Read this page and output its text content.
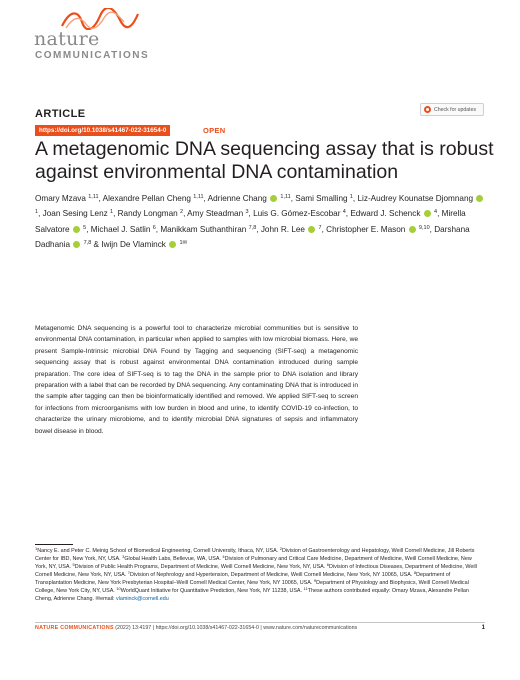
nature
COMMUNICATIONS
ARTICLE	Check for updates
https://doi.org/10.1038/s41467-022-31654-0	OPEN
A metagenomic DNA sequencing assay that is robust against environmental DNA contamination
Omary Mzava $^{1,11}$, Alexandre Pellan Cheng $^{1,11}$, Adrienne Chang $^{1,11}$, Sami Smalling $^1$, Liz-Audrey Kounatse Djomnang  $^1$, Joan Sesing Lenz $^1$, Randy Longman $^2$, Amy Steadman $^3$, Luis G. Gómez-Escobar $^4$, Edward J. Schenck $^4$, Mirella Salvatore $^5$, Michael J. Satlin $^6$, Manikkam Suthanthiran $^{7,8}$, John R. Lee $^7$, Christopher E. Mason $^{9,10}$, Darshana Dadhania $^{7,8}$ & Iwijn De Vlaminck $^{1✉}$

Metagenomic DNA sequencing is a powerful tool to characterize microbial communities but is sensitive to environmental DNA contamination, in particular when applied to samples with low microbial biomass. Here, we present Sample-Intrinsic microbial DNA Found by Tagging and sequencing (SIFT-seq) a metagenomic sequencing assay that is robust against environmental DNA contamination introduced during sample preparation. The core idea of SIFT-seq is to tag the DNA in the sample prior to DNA isolation and library preparation with a label that can be recorded by DNA sequencing. Any contaminating DNA that is introduced in the sample after tagging can then be bioinformatically identified and removed. We applied SIFT-seq to screen for infections from microorganisms with low burden in blood and urine, to identify COVID-19 co-infection, to characterize the urinary microbiome, and to identify microbial DNA signatures of sepsis and inflammatory bowel disease in blood.

$^1$Nancy E. and Peter C. Meinig School of Biomedical Engineering, Cornell University, Ithaca, NY, USA. $^2$Division of Gastroenterology and Hepatology, Weill Cornell Medicine, Jill Roberts Center for IBD, New York, NY, USA. $^3$Global Health Labs, Bellevue, WA, USA. $^4$Division of Pulmonary and Critical Care Medicine, Department of Medicine, Weill Cornell Medicine, New York, NY, USA. $^5$Division of Public Health Programs, Department of Medicine, Weill Cornell Medicine, New York, NY, USA. $^6$Division of Infectious Diseases, Department of Medicine, Weill Cornell Medicine, New York, NY, USA. $^7$Division of Nephrology and Hypertension, Department of Medicine, Weill Cornell Medicine, New York, NY 10065, USA. $^8$Department of Transplantation Medicine, New York Presbyterian Hospital–Weill Cornell Medical Center, New York, NY 10065, USA. $^9$Department of Physiology and Biophysics, Weill Cornell Medical College, New York City, NY, USA. $^{10}$WorldQuant Initiative for Quantitative Prediction, New York, NY 11238, USA. $^{11}$These authors contributed equally: Omary Mzava, Alexandre Pellan Cheng, Adrienne Chang. ✉email: vlaminck@cornell.edu

NATURE COMMUNICATIONS (2022) 13:4197 | https://doi.org/10.1038/s41467-022-31654-0 | www.nature.com/naturecommunications	1
